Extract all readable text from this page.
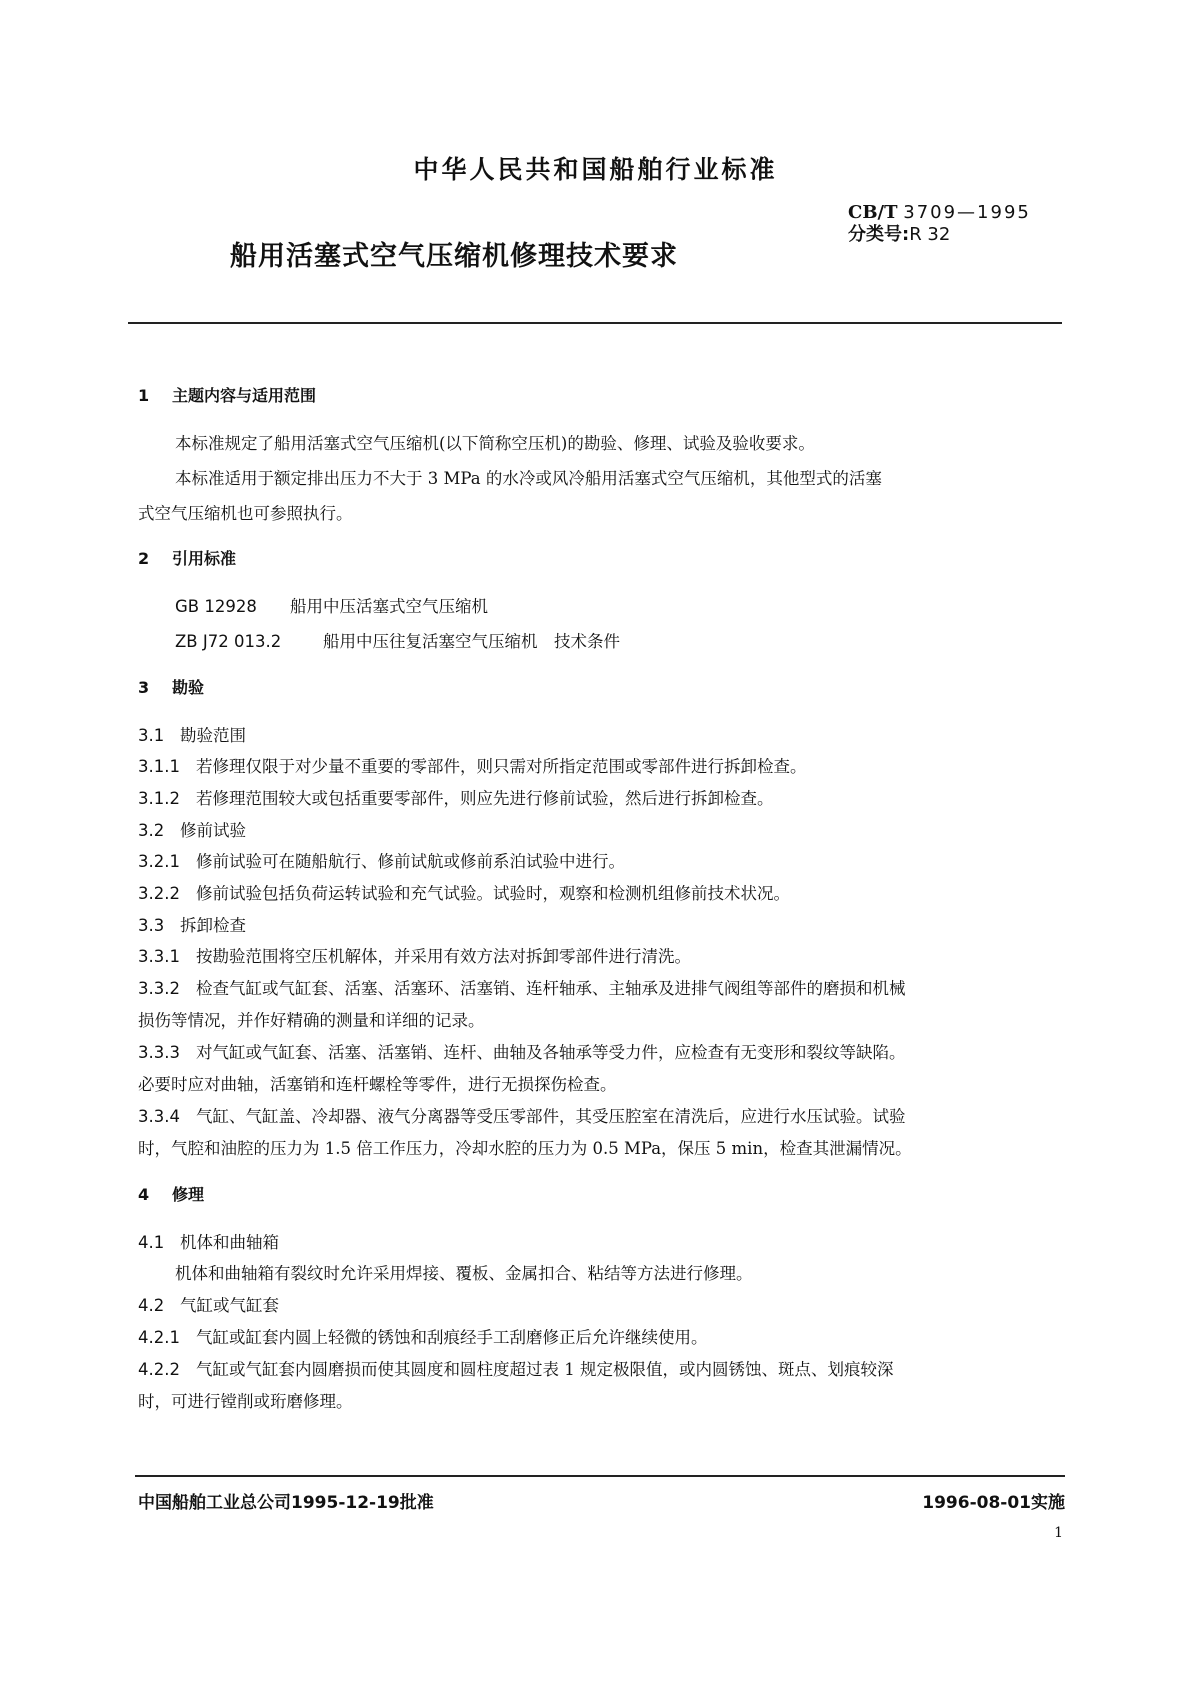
中华人民共和国船舶行业标准
CB/T 3709—1995
分类号:R 32
船用活塞式空气压缩机修理技术要求
1 主题内容与适用范围
本标准规定了船用活塞式空气压缩机(以下简称空压机)的勘验、修理、试验及验收要求。
本标准适用于额定排出压力不大于 3 MPa 的水冷或风冷船用活塞式空气压缩机，其他型式的活塞
式空气压缩机也可参照执行。
2 引用标准
GB 12928 船用中压活塞式空气压缩机
ZB J72 013.2	船用中压往复活塞空气压缩机　技术条件
3 勘验
3.1 勘验范围
3.1.1 若修理仅限于对少量不重要的零部件，则只需对所指定范围或零部件进行拆卸检查。
3.1.2 若修理范围较大或包括重要零部件，则应先进行修前试验，然后进行拆卸检查。
3.2 修前试验
3.2.1 修前试验可在随船航行、修前试航或修前系泊试验中进行。
3.2.2 修前试验包括负荷运转试验和充气试验。试验时，观察和检测机组修前技术状况。
3.3 拆卸检查
3.3.1 按勘验范围将空压机解体，并采用有效方法对拆卸零部件进行清洗。
3.3.2 检查气缸或气缸套、活塞、活塞环、活塞销、连杆轴承、主轴承及进排气阀组等部件的磨损和机械
损伤等情况，并作好精确的测量和详细的记录。
3.3.3 对气缸或气缸套、活塞、活塞销、连杆、曲轴及各轴承等受力件，应检查有无变形和裂纹等缺陷。
必要时应对曲轴，活塞销和连杆螺栓等零件，进行无损探伤检查。
3.3.4 气缸、气缸盖、冷却器、液气分离器等受压零部件，其受压腔室在清洗后，应进行水压试验。试验
时，气腔和油腔的压力为 1.5 倍工作压力，冷却水腔的压力为 0.5 MPa，保压 5 min，检查其泄漏情况。
4 修理
4.1 机体和曲轴箱
机体和曲轴箱有裂纹时允许采用焊接、覆板、金属扣合、粘结等方法进行修理。
4.2 气缸或气缸套
4.2.1 气缸或缸套内圆上轻微的锈蚀和刮痕经手工刮磨修正后允许继续使用。
4.2.2 气缸或气缸套内圆磨损而使其圆度和圆柱度超过表 1 规定极限值，或内圆锈蚀、斑点、划痕较深
时，可进行镗削或珩磨修理。
中国船舶工业总公司1995-12-19批准	1996-08-01实施
1
